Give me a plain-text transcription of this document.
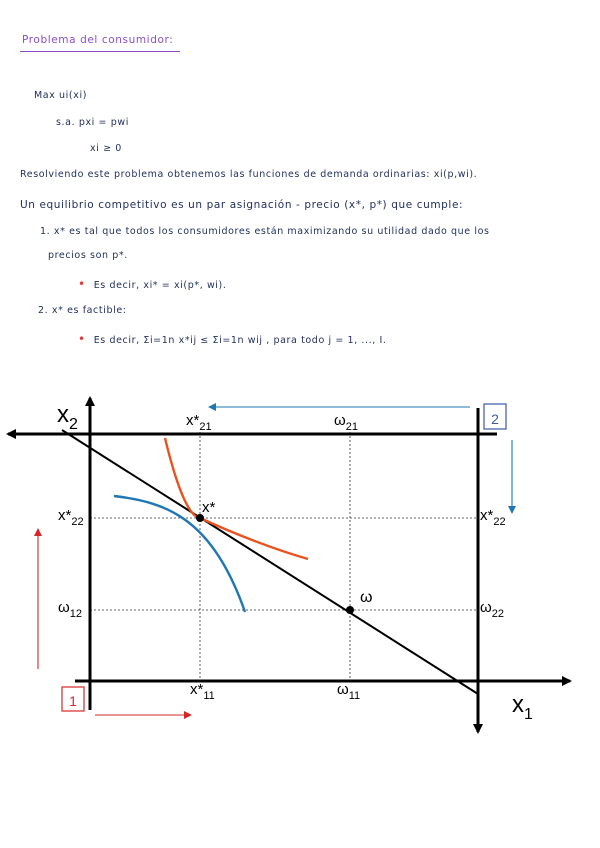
Problema del consumidor:
Max ui(xi)
s.a. pxi = pwi
xi ≥ 0
Resolviendo este problema obtenemos las funciones de demanda ordinarias: xi(p,wi).
Un equilibrio competitivo es un par asignación - precio (x*, p*) que cumple:
1. x* es tal que todos los consumidores están maximizando su utilidad dado que los
precios son p*.
• Es decir, xi* = xi(p*, wi).
2. x* es factible:
• Es decir, Σi=1n x*ij ≤ Σi=1n wij , para todo j = 1, ..., I.
1
2
$x_2$
$x_1$
$x*_{21}$	$\omega_{21}$
$x*_{22}$
$\omega_{12}$
$x*_{22}$
$\omega_{22}$
$x*_{11}$	$\omega_{11}$
x*
ω
